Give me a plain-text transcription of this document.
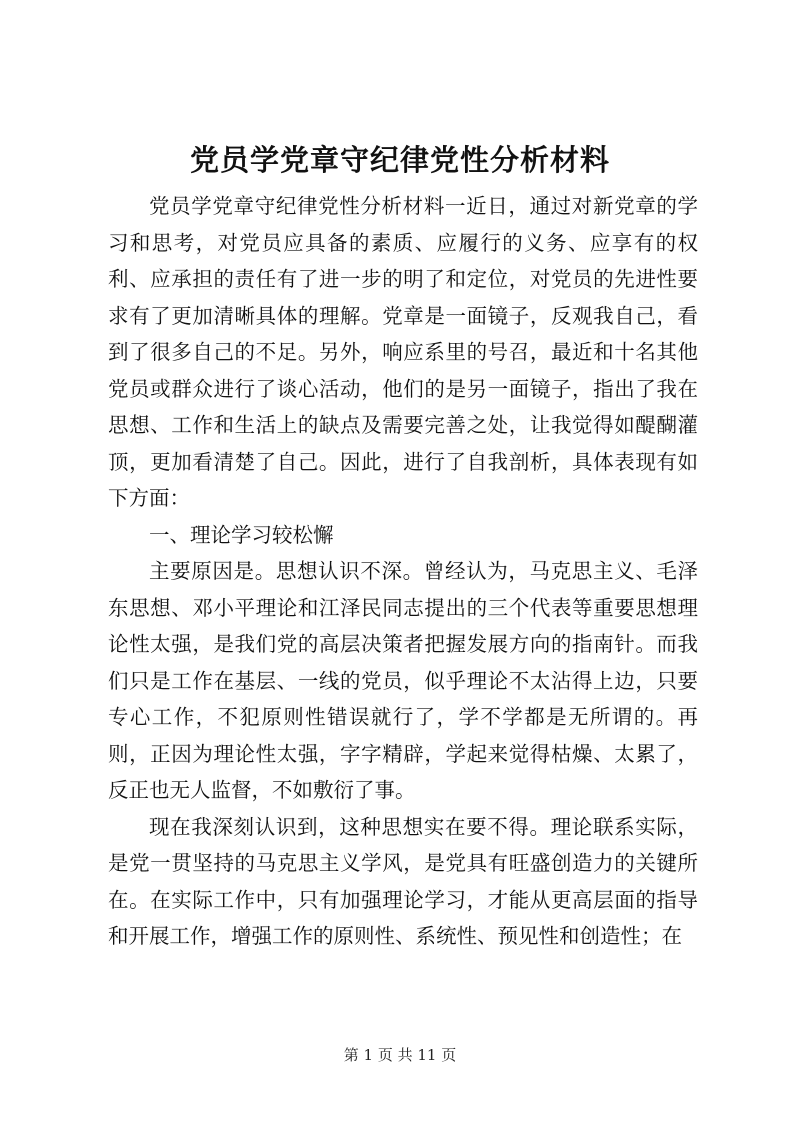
党员学党章守纪律党性分析材料

党员学党章守纪律党性分析材料一近日，通过对新党章的学习和思考，对党员应具备的素质、应履行的义务、应享有的权利、应承担的责任有了进一步的明了和定位，对党员的先进性要求有了更加清晰具体的理解。党章是一面镜子，反观我自己，看到了很多自己的不足。另外，响应系里的号召，最近和十名其他党员或群众进行了谈心活动，他们的是另一面镜子，指出了我在思想、工作和生活上的缺点及需要完善之处，让我觉得如醍醐灌顶，更加看清楚了自己。因此，进行了自我剖析，具体表现有如下方面：

一、理论学习较松懈

主要原因是。思想认识不深。曾经认为，马克思主义、毛泽东思想、邓小平理论和江泽民同志提出的三个代表等重要思想理论性太强，是我们党的高层决策者把握发展方向的指南针。而我们只是工作在基层、一线的党员，似乎理论不太沾得上边，只要专心工作，不犯原则性错误就行了，学不学都是无所谓的。再则，正因为理论性太强，字字精辟，学起来觉得枯燥、太累了，反正也无人监督，不如敷衍了事。

现在我深刻认识到，这种思想实在要不得。理论联系实际，是党一贯坚持的马克思主义学风，是党具有旺盛创造力的关键所在。在实际工作中，只有加强理论学习，才能从更高层面的指导和开展工作，增强工作的原则性、系统性、预见性和创造性；在

第 1 页 共 11 页
